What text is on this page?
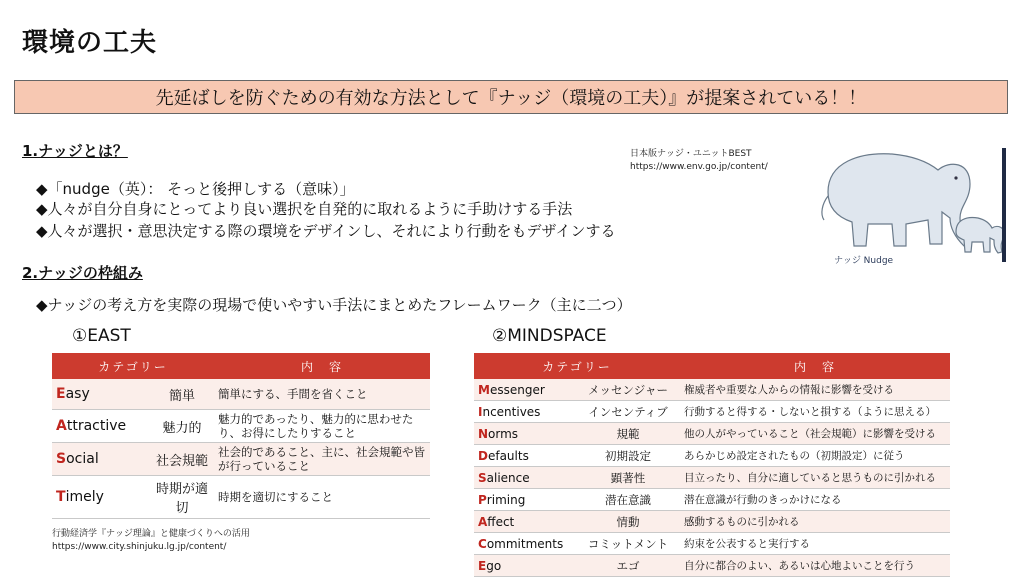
環境の工夫
先延ばしを防ぐための有効な方法として『ナッジ（環境の工夫）』が提案されている！！
1.ナッジとは？
◆「nudge（英）： そっと後押しする（意味）」
◆人々が自分自身にとってより良い選択を自発的に取れるように手助けする手法
◆人々が選択・意思決定する際の環境をデザインし、それにより行動をもデザインする
日本版ナッジ・ユニットBEST
https://www.env.go.jp/content/
ナッジ Nudge
2.ナッジの枠組み
◆ナッジの考え方を実際の現場で使いやすい手法にまとめたフレームワーク（主に二つ）
①EAST	②MINDSPACE
カテゴリー		内　容
Easy	簡単	簡単にする、手間を省くこと
Attractive	魅力的	魅力的であったり、魅力的に思わせたり、お得にしたりすること
Social	社会規範	社会的であること、主に、社会規範や皆が行っていること
Timely	時期が適切	時期を適切にすること
カテゴリー		内　容
Messenger	メッセンジャー	権威者や重要な人からの情報に影響を受ける
Incentives	インセンティブ	行動すると得する・しないと損する（ように思える）
Norms	規範	他の人がやっていること（社会規範）に影響を受ける
Defaults	初期設定	あらかじめ設定されたもの（初期設定）に従う
Salience	顕著性	目立ったり、自分に適していると思うものに引かれる
Priming	潜在意識	潜在意識が行動のきっかけになる
Affect	情動	感動するものに引かれる
Commitments	コミットメント	約束を公表すると実行する
Ego	エゴ	自分に都合のよい、あるいは心地よいことを行う
行動経済学『ナッジ理論』と健康づくりへの活用
https://www.city.shinjuku.lg.jp/content/
